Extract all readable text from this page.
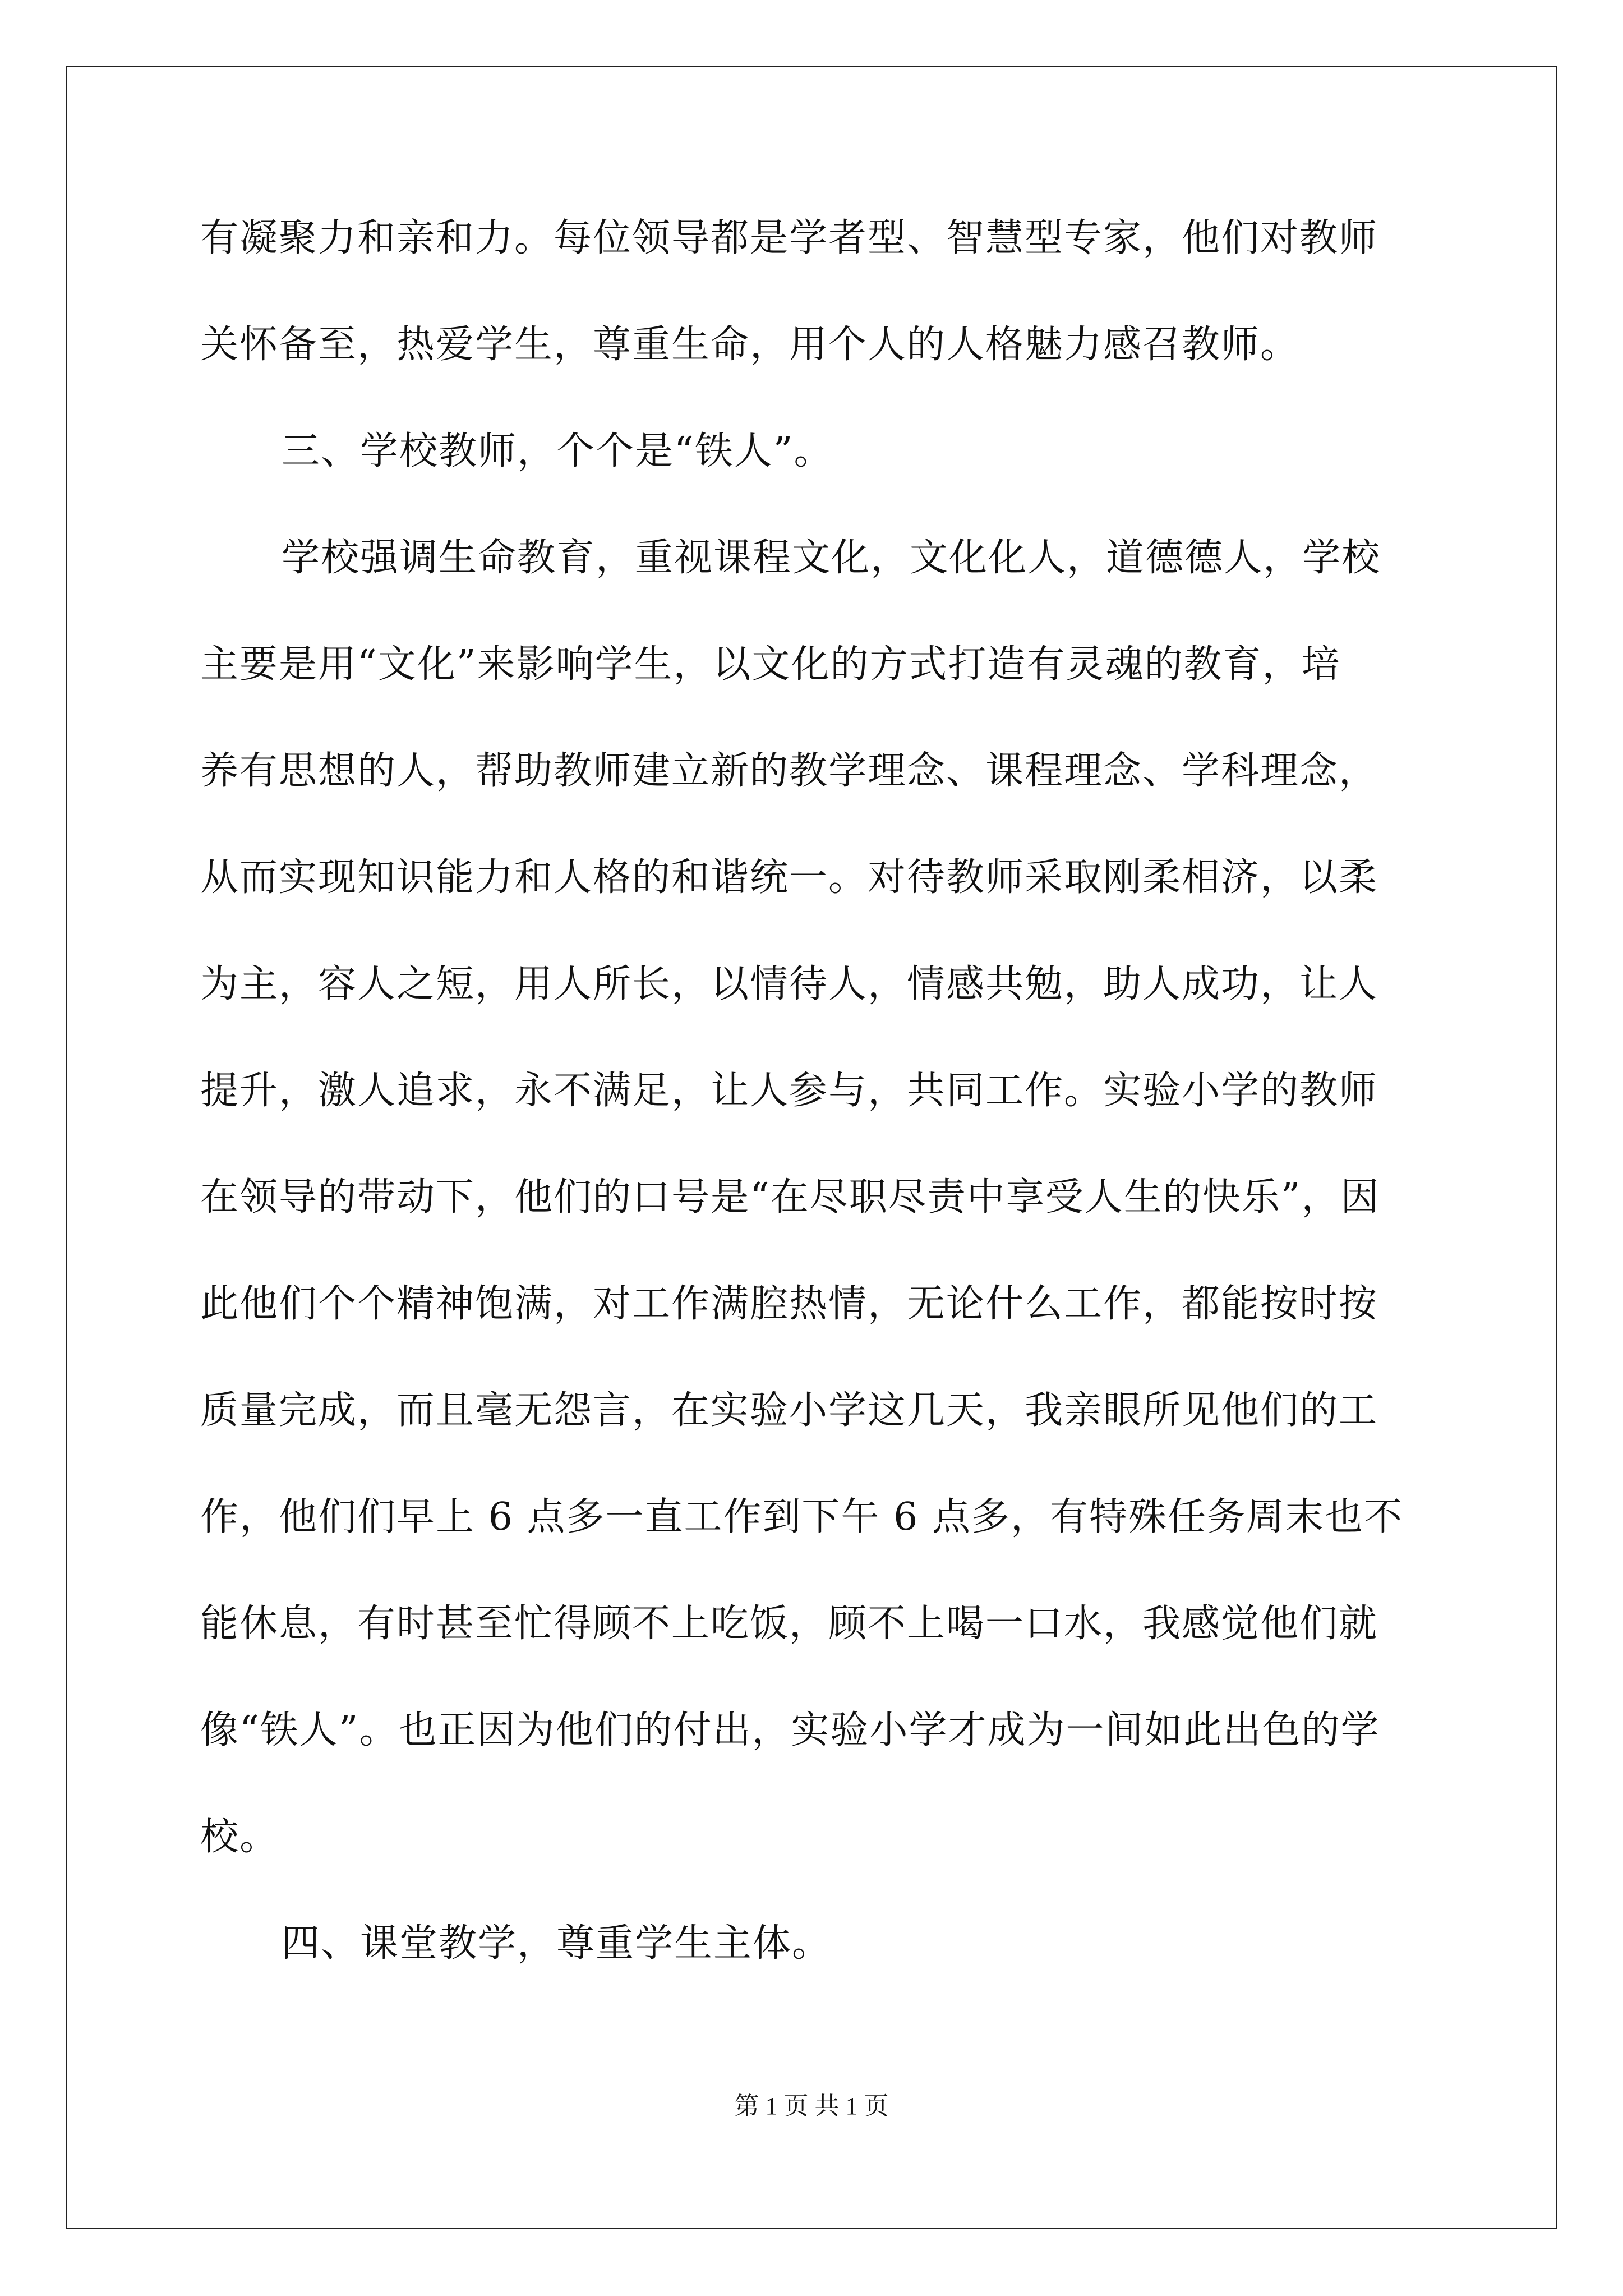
有凝聚力和亲和力。每位领导都是学者型、智慧型专家，他们对教师
关怀备至，热爱学生，尊重生命，用个人的人格魅力感召教师。
三、学校教师，个个是“铁人”。
学校强调生命教育，重视课程文化，文化化人，道德德人，学校
主要是用“文化”来影响学生，以文化的方式打造有灵魂的教育，培
养有思想的人，帮助教师建立新的教学理念、课程理念、学科理念，
从而实现知识能力和人格的和谐统一。对待教师采取刚柔相济，以柔
为主，容人之短，用人所长，以情待人，情感共勉，助人成功，让人
提升，激人追求，永不满足，让人参与，共同工作。实验小学的教师
在领导的带动下，他们的口号是“在尽职尽责中享受人生的快乐”，因
此他们个个精神饱满，对工作满腔热情，无论什么工作，都能按时按
质量完成，而且毫无怨言，在实验小学这几天，我亲眼所见他们的工
作，他们们早上 6 点多一直工作到下午 6 点多，有特殊任务周末也不
能休息，有时甚至忙得顾不上吃饭，顾不上喝一口水，我感觉他们就
像“铁人”。也正因为他们的付出，实验小学才成为一间如此出色的学
校。
四、课堂教学，尊重学生主体。
第 1 页 共 1 页
